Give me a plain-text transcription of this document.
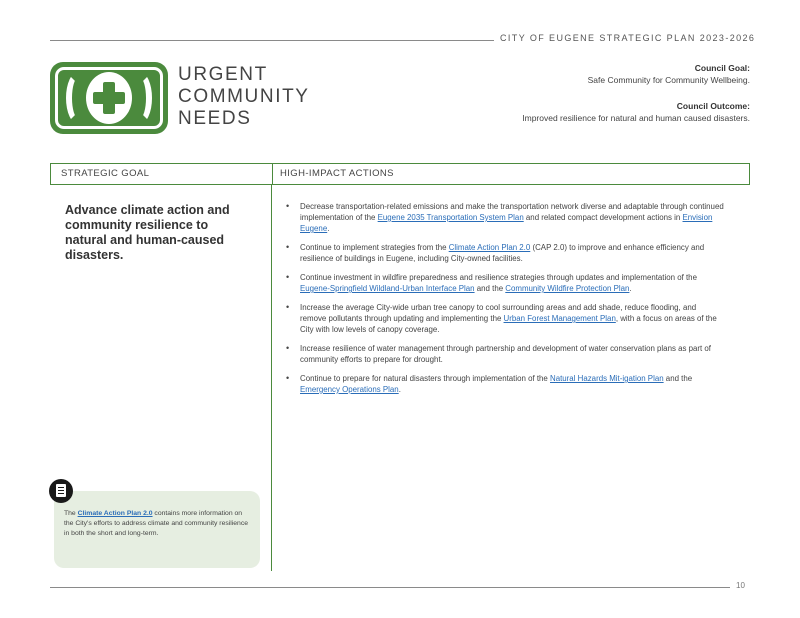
CITY OF EUGENE STRATEGIC PLAN 2023-2026
URGENT
COMMUNITY
NEEDS
Council Goal:
Safe Community for Community Wellbeing.
Council Outcome:
Improved resilience for natural and human caused disasters.
STRATEGIC GOAL	HIGH-IMPACT ACTIONS
Advance climate action and community resilience to natural and human-caused disasters.
• Decrease transportation-related emissions and make the transportation network diverse and adaptable through continued implementation of the Eugene 2035 Transportation System Plan and related compact development actions in Envision Eugene.
• Continue to implement strategies from the Climate Action Plan 2.0 (CAP 2.0) to improve and enhance efficiency and resilience of buildings in Eugene, including City-owned facilities.
• Continue investment in wildfire preparedness and resilience strategies through updates and implementation of the Eugene-Springfield Wildland-Urban Interface Plan and the Community Wildfire Protection Plan.
• Increase the average City-wide urban tree canopy to cool surrounding areas and add shade, reduce flooding, and remove pollutants through updating and implementing the Urban Forest Management Plan, with a focus on areas of the City with low levels of canopy coverage.
• Increase resilience of water management through partnership and development of water conservation plans as part of community efforts to prepare for drought.
• Continue to prepare for natural disasters through implementation of the Natural Hazards Mit-igation Plan and the Emergency Operations Plan.
The Climate Action Plan 2.0 contains more information on the City's efforts to address climate and community resilience in both the short and long-term.
10
